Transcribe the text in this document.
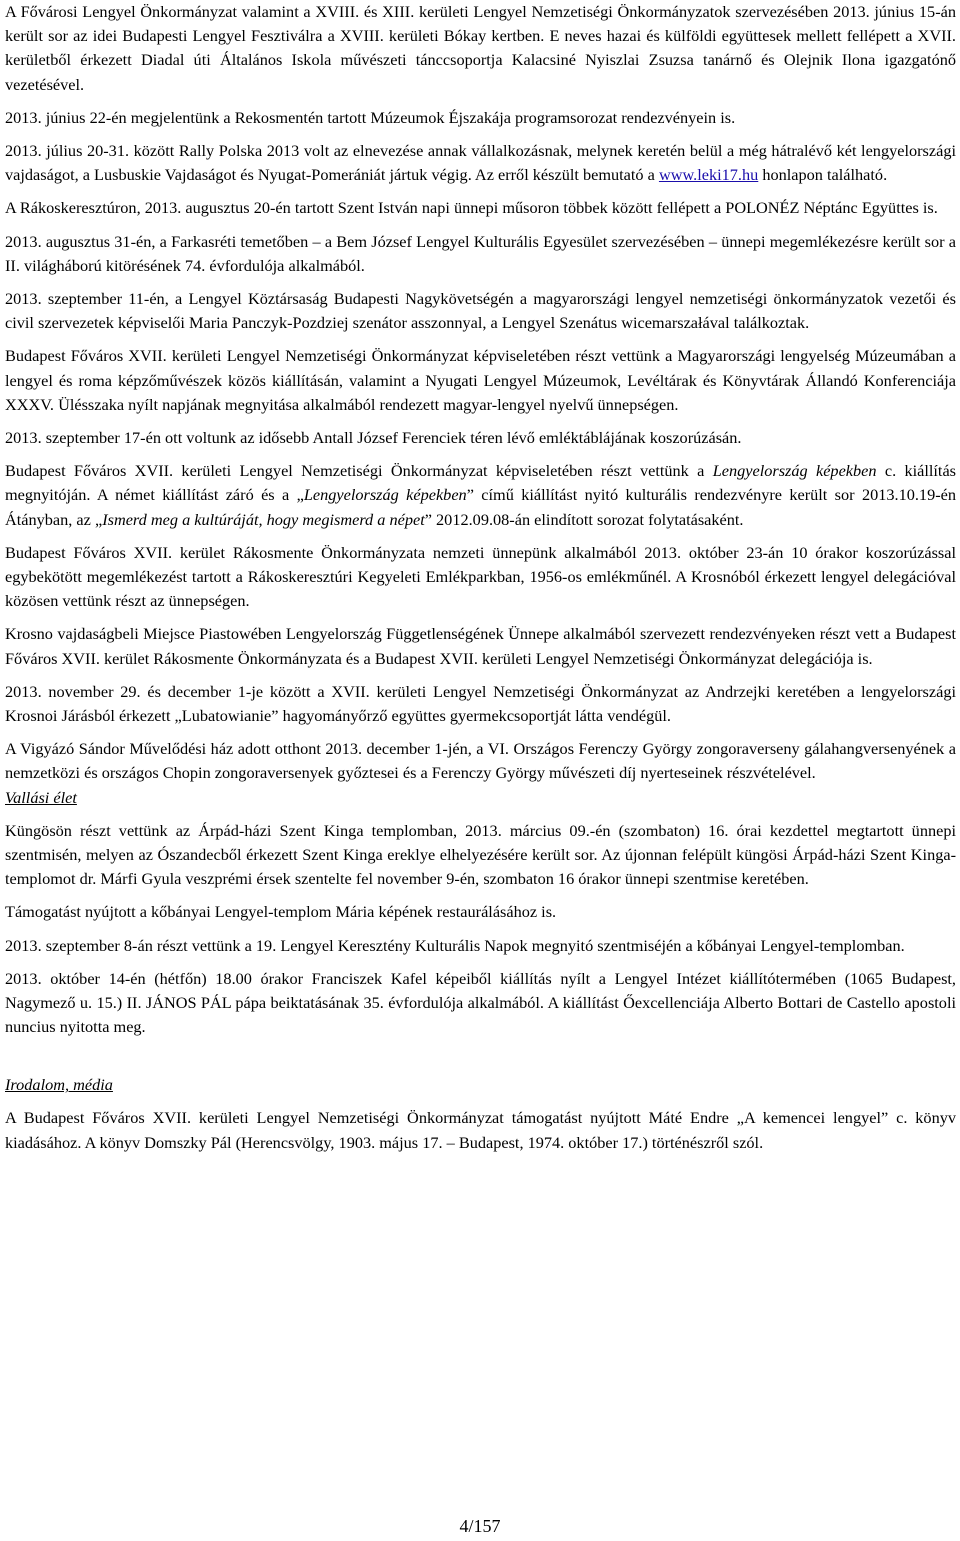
A Fővárosi Lengyel Önkormányzat valamint a XVIII. és XIII. kerületi Lengyel Nemzetiségi Önkormányzatok szervezésében 2013. június 15-án került sor az idei Budapesti Lengyel Fesztiválra a XVIII. kerületi Bókay kertben. E neves hazai és külföldi együttesek mellett fellépett a XVII. kerületből érkezett Diadal úti Általános Iskola művészeti tánccsoportja Kalacsiné Nyiszlai Zsuzsa tanárnő és Olejnik Ilona igazgatónő vezetésével.

2013. június 22-én megjelentünk a Rekosmentén tartott Múzeumok Éjszakája programsorozat rendezvényein is.

2013. július 20-31. között Rally Polska 2013 volt az elnevezése annak vállalkozásnak, melynek keretén belül a még hátralévő két lengyelországi vajdaságot, a Lusbuskie Vajdaságot és Nyugat-Pomerániát jártuk végig. Az erről készült bemutató a www.leki17.hu honlapon található.

A Rákoskeresztúron, 2013. augusztus 20-én tartott Szent István napi ünnepi műsoron többek között fellépett a POLONÉZ Néptánc Együttes is.

2013. augusztus 31-én, a Farkasréti temetőben – a Bem József Lengyel Kulturális Egyesület szervezésében – ünnepi megemlékezésre került sor a II. világháború kitörésének 74. évfordulója alkalmából.

2013. szeptember 11-én, a Lengyel Köztársaság Budapesti Nagykövetségén a magyarországi lengyel nemzetiségi önkormányzatok vezetői és civil szervezetek képviselői Maria Panczyk-Pozdziej szenátor asszonnyal, a Lengyel Szenátus wicemarszałával találkoztak.

Budapest Főváros XVII. kerületi Lengyel Nemzetiségi Önkormányzat képviseletében részt vettünk a Magyarországi lengyelség Múzeumában a lengyel és roma képzőművészek közös kiállításán, valamint a Nyugati Lengyel Múzeumok, Levéltárak és Könyvtárak Állandó Konferenciája XXXV. Ülésszaka nyílt napjának megnyitása alkalmából rendezett magyar-lengyel nyelvű ünnepségen.

2013. szeptember 17-én ott voltunk az idősebb Antall József Ferenciek téren lévő emléktáblájának koszorúzásán.

Budapest Főváros XVII. kerületi Lengyel Nemzetiségi Önkormányzat képviseletében részt vettünk a Lengyelország képekben c. kiállítás megnyitóján. A német kiállítást záró és a „Lengyelország képekben” című kiállítást nyitó kulturális rendezvényre került sor 2013.10.19-én Átányban, az „Ismerd meg a kultúráját, hogy megismerd a népet” 2012.09.08-án elindított sorozat folytatásaként.

Budapest Főváros XVII. kerület Rákosmente Önkormányzata nemzeti ünnepünk alkalmából 2013. október 23-án 10 órakor koszorúzással egybekötött megemlékezést tartott a Rákoskeresztúri Kegyeleti Emlékparkban, 1956-os emlékműnél. A Krosnóból érkezett lengyel delegációval közösen vettünk részt az ünnepségen.

Krosno vajdaságbeli Miejsce Piastowében Lengyelország Függetlenségének Ünnepe alkalmából szervezett rendezvényeken részt vett a Budapest Főváros XVII. kerület Rákosmente Önkormányzata és a Budapest XVII. kerületi Lengyel Nemzetiségi Önkormányzat delegációja is.

2013. november 29. és december 1-je között a XVII. kerületi Lengyel Nemzetiségi Önkormányzat az Andrzejki keretében a lengyelországi Krosnoi Járásból érkezett „Lubatowianie” hagyományőrző együttes gyermekcsoportját látta vendégül.

A Vigyázó Sándor Művelődési ház adott otthont 2013. december 1-jén, a VI. Országos Ferenczy György zongoraverseny gálahangversenyének a nemzetközi és országos Chopin zongoraversenyek győztesei és a Ferenczy György művészeti díj nyerteseinek részvételével.

Vallási élet

Küngösön részt vettünk az Árpád-házi Szent Kinga templomban, 2013. március 09.-én (szombaton) 16. órai kezdettel megtartott ünnepi szentmisén, melyen az Ószandecből érkezett Szent Kinga ereklye elhelyezésére került sor. Az újonnan felépült küngösi Árpád-házi Szent Kinga-templomot dr. Márfi Gyula veszprémi érsek szentelte fel november 9-én, szombaton 16 órakor ünnepi szentmise keretében.

Támogatást nyújtott a kőbányai Lengyel-templom Mária képének restaurálásához is.

2013. szeptember 8-án részt vettünk a 19. Lengyel Keresztény Kulturális Napok megnyitó szentmiséjén a kőbányai Lengyel-templomban.

2013. október 14-én (hétfőn) 18.00 órakor Franciszek Kafel képeiből kiállítás nyílt a Lengyel Intézet kiállítótermében (1065 Budapest, Nagymező u. 15.) II. JÁNOS PÁL pápa beiktatásának 35. évfordulója alkalmából. A kiállítást Őexcellenciája Alberto Bottari de Castello apostoli nuncius nyitotta meg.

Irodalom, média

A Budapest Főváros XVII. kerületi Lengyel Nemzetiségi Önkormányzat támogatást nyújtott Máté Endre „A kemencei lengyel” c. könyv kiadásához. A könyv Domszky Pál (Herencsvölgy, 1903. május 17. – Budapest, 1974. október 17.) történészről szól.

4/157
